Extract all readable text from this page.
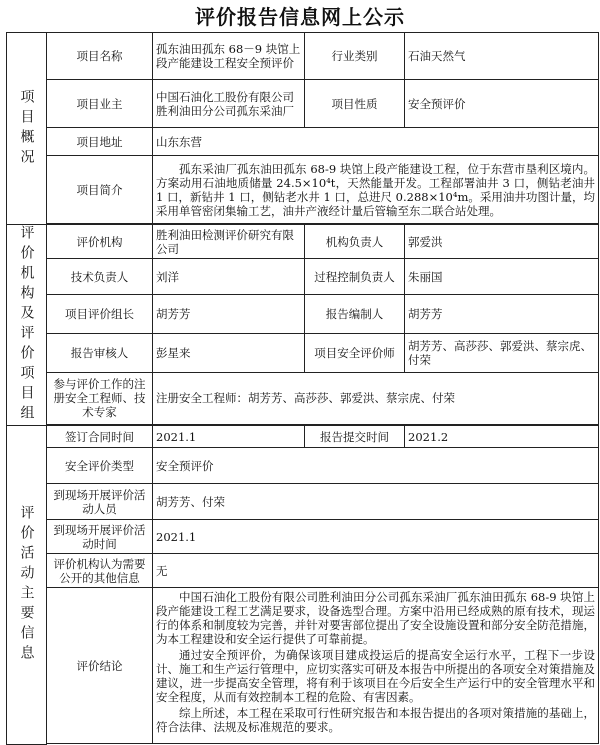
评价报告信息网上公示
项目概况	项目名称	孤东油田孤东 68－9 块馆上段产能建设工程安全预评价	行业类别	石油天然气
	项目业主	中国石油化工股份有限公司胜利油田分公司孤东采油厂	项目性质	安全预评价
	项目地址	山东东营		
	项目简介	孤东采油厂孤东油田孤东 68-9 块馆上段产能建设工程，位于东营市垦利区境内。方案动用石油地质储量 24.5×10⁴t，天然能量开发。工程部署油井 3 口，侧钻老油井 1 口，新钻井 1 口，侧钻老水井 1 口，总进尺 0.288×10⁴m。采用油井功图计量，均采用单管密闭集输工艺，油井产液经计量后管输至东二联合站处理。		

评价机构及评价项目组	评价机构	胜利油田检测评价研究有限公司	机构负责人	郭爱洪
	技术负责人	刘洋	过程控制负责人	朱丽国
	项目评价组长	胡芳芳	报告编制人	胡芳芳
	报告审核人	彭星来	项目安全评价师	胡芳芳、高莎莎、郭爱洪、蔡宗虎、付荣
	参与评价工作的注册安全工程师、技术专家	注册安全工程师：胡芳芳、高莎莎、郭爱洪、蔡宗虎、付荣		

评价活动主要信息	签订合同时间	2021.1	报告提交时间	2021.2
	安全评价类型	安全预评价		
	到现场开展评价活动人员	胡芳芳、付荣		
	到现场开展评价活动时间	2021.1		
	评价机构认为需要公开的其他信息	无		
	评价结论	中国石油化工股份有限公司胜利油田分公司孤东采油厂孤东油田孤东 68-9 块馆上段产能建设工程工艺满足要求，设备选型合理。方案中沿用已经成熟的原有技术，现运行的体系和制度较为完善，并针对要害部位提出了安全设施设置和部分安全防范措施，为本工程建设和安全运行提供了可靠前提。

通过安全预评价，为确保该项目建成投运后的提高安全运行水平，工程下一步设计、施工和生产运行管理中，应切实落实可研及本报告中所提出的各项安全对策措施及建议，进一步提高安全管理，将有利于该项目在今后安全生产运行中的安全管理水平和安全程度，从而有效控制本工程的危险、有害因素。

综上所述，本工程在采取可行性研究报告和本报告提出的各项对策措施的基础上，符合法律、法规及标准规范的要求。		
